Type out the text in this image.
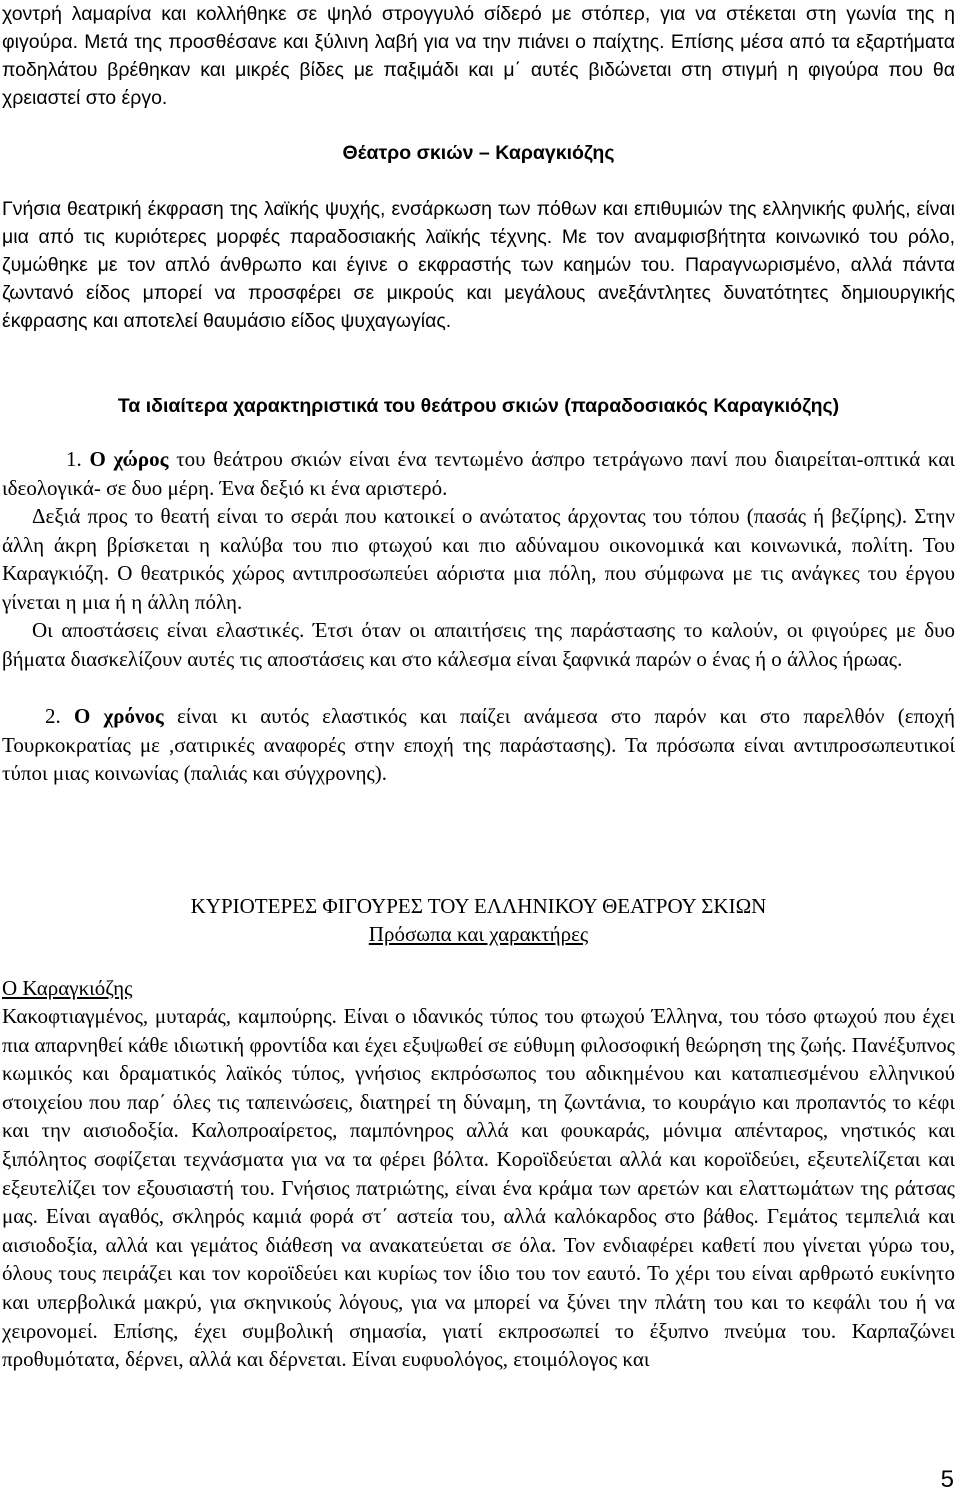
χοντρή λαμαρίνα και κολλήθηκε σε ψηλό στρογγυλό σίδερό με στόπερ, για να στέκεται στη γωνία της η φιγούρα. Μετά της προσθέσανε και ξύλινη λαβή για να την πιάνει ο παίχτης. Επίσης μέσα από τα εξαρτήματα ποδηλάτου βρέθηκαν και μικρές βίδες με παξιμάδι και μ΄ αυτές βιδώνεται στη στιγμή η φιγούρα που θα χρειαστεί στο έργο.

Θέατρο σκιών – Καραγκιόζης

Γνήσια θεατρική έκφραση της λαϊκής ψυχής, ενσάρκωση των πόθων και επιθυμιών της ελληνικής φυλής, είναι μια από τις κυριότερες μορφές παραδοσιακής λαϊκής τέχνης. Με τον αναμφισβήτητα κοινωνικό του ρόλο, ζυμώθηκε με τον απλό άνθρωπο και έγινε ο εκφραστής των καημών του. Παραγνωρισμένο, αλλά πάντα ζωντανό είδος μπορεί να προσφέρει σε μικρούς και μεγάλους ανεξάντλητες δυνατότητες δημιουργικής έκφρασης και αποτελεί θαυμάσιο είδος ψυχαγωγίας.

Τα ιδιαίτερα χαρακτηριστικά του θεάτρου σκιών (παραδοσιακός Καραγκιόζης)

1. Ο χώρος του θεάτρου σκιών είναι ένα τεντωμένο άσπρο τετράγωνο πανί που διαιρείται-οπτικά και ιδεολογικά- σε δυο μέρη. Ένα δεξιό κι ένα αριστερό.

Δεξιά προς το θεατή είναι το σεράι που κατοικεί ο ανώτατος άρχοντας του τόπου (πασάς ή βεζίρης). Στην άλλη άκρη βρίσκεται η καλύβα του πιο φτωχού και πιο αδύναμου οικονομικά και κοινωνικά, πολίτη. Του Καραγκιόζη. Ο θεατρικός χώρος αντιπροσωπεύει αόριστα μια πόλη, που σύμφωνα με τις ανάγκες του έργου γίνεται η μια ή η άλλη πόλη.

Οι αποστάσεις είναι ελαστικές. Έτσι όταν οι απαιτήσεις της παράστασης το καλούν, οι φιγούρες με δυο βήματα διασκελίζουν αυτές τις αποστάσεις και στο κάλεσμα είναι ξαφνικά παρών ο ένας ή ο άλλος ήρωας.

2. Ο χρόνος είναι κι αυτός ελαστικός και παίζει ανάμεσα στο παρόν και στο παρελθόν (εποχή Τουρκοκρατίας με ,σατιρικές αναφορές στην εποχή της παράστασης). Τα πρόσωπα είναι αντιπροσωπευτικοί τύποι μιας κοινωνίας (παλιάς και σύγχρονης).

ΚΥΡΙΟΤΕΡΕΣ ΦΙΓΟΥΡΕΣ ΤΟΥ ΕΛΛΗΝΙΚΟΥ ΘΕΑΤΡΟΥ ΣΚΙΩΝ

Πρόσωπα και χαρακτήρες

Ο Καραγκιόζης

Κακοφτιαγμένος, μυταράς, καμπούρης. Είναι ο ιδανικός τύπος του φτωχού Έλληνα, του τόσο φτωχού που έχει πια απαρνηθεί κάθε ιδιωτική φροντίδα και έχει εξυψωθεί σε εύθυμη φιλοσοφική θεώρηση της ζωής. Πανέξυπνος κωμικός και δραματικός λαϊκός τύπος, γνήσιος εκπρόσωπος του αδικημένου και καταπιεσμένου ελληνικού στοιχείου που παρ΄ όλες τις ταπεινώσεις, διατηρεί τη δύναμη, τη ζωντάνια, το κουράγιο και προπαντός το κέφι και την αισιοδοξία. Καλοπροαίρετος, παμπόνηρος αλλά και φουκαράς, μόνιμα απένταρος, νηστικός και ξιπόλητος σοφίζεται τεχνάσματα για να τα φέρει βόλτα. Κοροϊδεύεται αλλά και κοροϊδεύει, εξευτελίζεται και εξευτελίζει τον εξουσιαστή του. Γνήσιος πατριώτης, είναι ένα κράμα των αρετών και ελαττωμάτων της ράτσας μας. Είναι αγαθός, σκληρός καμιά φορά στ΄ αστεία του, αλλά καλόκαρδος στο βάθος. Γεμάτος τεμπελιά και αισιοδοξία, αλλά και γεμάτος διάθεση να ανακατεύεται σε όλα. Τον ενδιαφέρει καθετί που γίνεται γύρω του, όλους τους πειράζει και τον κοροϊδεύει και κυρίως τον ίδιο του τον εαυτό. Το χέρι του είναι αρθρωτό ευκίνητο και υπερβολικά μακρύ, για σκηνικούς λόγους, για να μπορεί να ξύνει την πλάτη του και το κεφάλι του ή να χειρονομεί. Επίσης, έχει συμβολική σημασία, γιατί εκπροσωπεί το έξυπνο πνεύμα του. Καρπαζώνει προθυμότατα, δέρνει, αλλά και δέρνεται. Είναι ευφυολόγος, ετοιμόλογος και

5
